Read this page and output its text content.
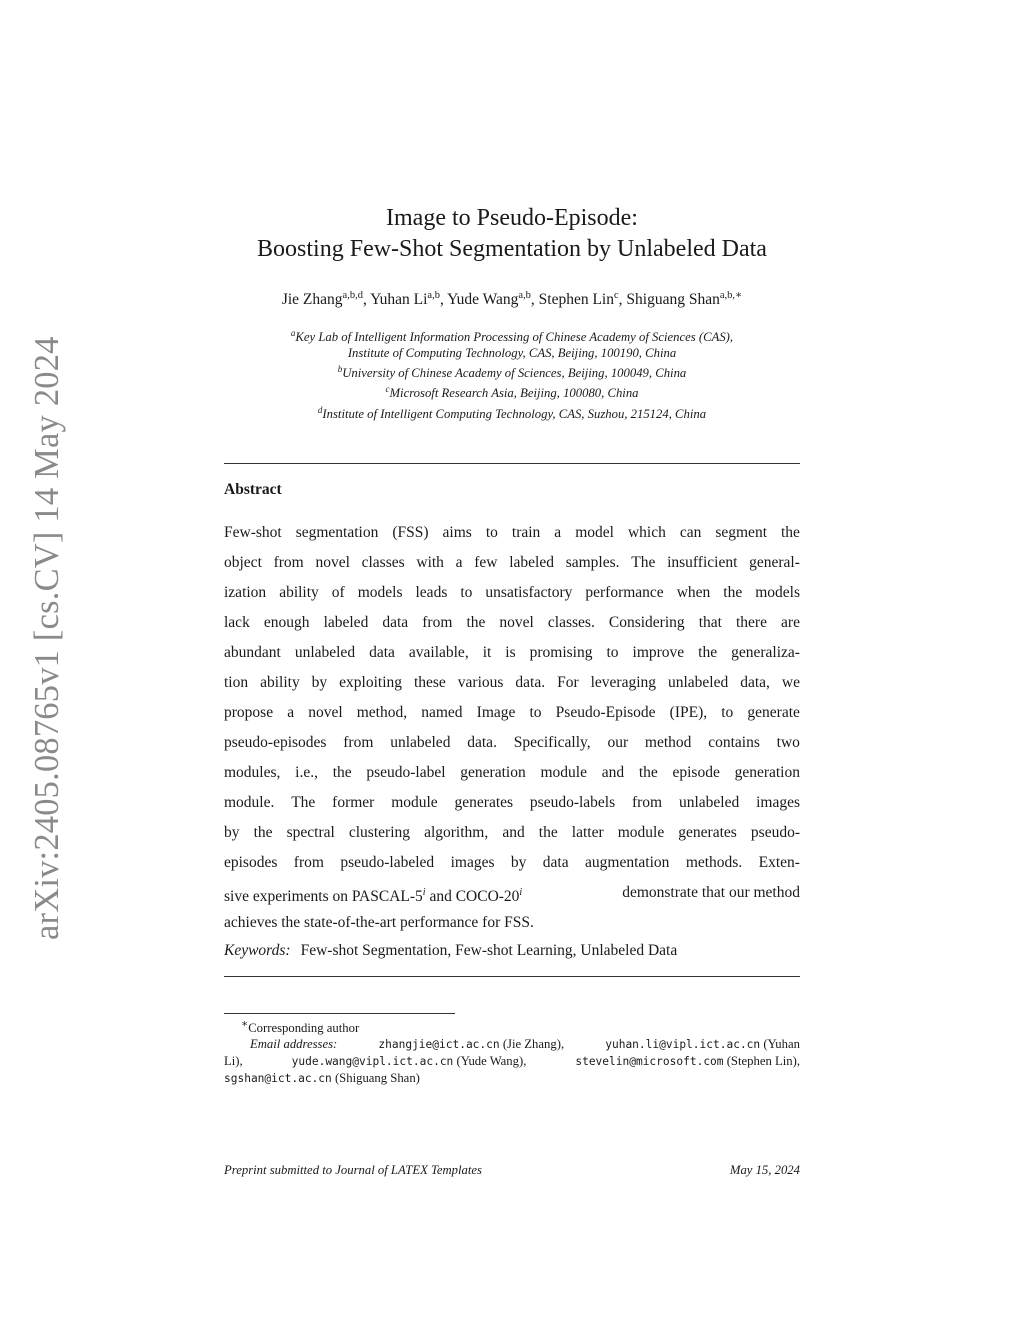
arXiv:2405.08765v1 [cs.CV] 14 May 2024
Image to Pseudo-Episode:
Boosting Few-Shot Segmentation by Unlabeled Data
Jie Zhang$^{a,b,d}$, Yuhan Li$^{a,b}$, Yude Wang$^{a,b}$, Stephen Lin$^c$, Shiguang Shan$^{a,b,∗}$
$^a$Key Lab of Intelligent Information Processing of Chinese Academy of Sciences (CAS),
Institute of Computing Technology, CAS, Beijing, 100190, China
$^b$University of Chinese Academy of Sciences, Beijing, 100049, China
$^c$Microsoft Research Asia, Beijing, 100080, China
$^d$Institute of Intelligent Computing Technology, CAS, Suzhou, 215124, China
Abstract
Few-shot segmentation (FSS) aims to train a model which can segment the
object from novel classes with a few labeled samples. The insufficient general-
ization ability of models leads to unsatisfactory performance when the models
lack enough labeled data from the novel classes. Considering that there are
abundant unlabeled data available, it is promising to improve the generaliza-
tion ability by exploiting these various data. For leveraging unlabeled data, we
propose a novel method, named Image to Pseudo-Episode (IPE), to generate
pseudo-episodes from unlabeled data. Specifically, our method contains two
modules, i.e., the pseudo-label generation module and the episode generation
module. The former module generates pseudo-labels from unlabeled images
by the spectral clustering algorithm, and the latter module generates pseudo-
episodes from pseudo-labeled images by data augmentation methods. Exten-
sive experiments on PASCAL-5$^i$ and COCO-20$^i$	demonstrate that our method
achieves the state-of-the-art performance for FSS.
Keywords: Few-shot Segmentation, Few-shot Learning, Unlabeled Data
∗Corresponding author
Email addresses:	zhangjie@ict.ac.cn (Jie Zhang),	yuhan.li@vipl.ict.ac.cn (Yuhan
Li),	yude.wang@vipl.ict.ac.cn (Yude Wang),	stevelin@microsoft.com (Stephen Lin),
sgshan@ict.ac.cn (Shiguang Shan)
Preprint submitted to Journal of LATEX Templates	May 15, 2024
